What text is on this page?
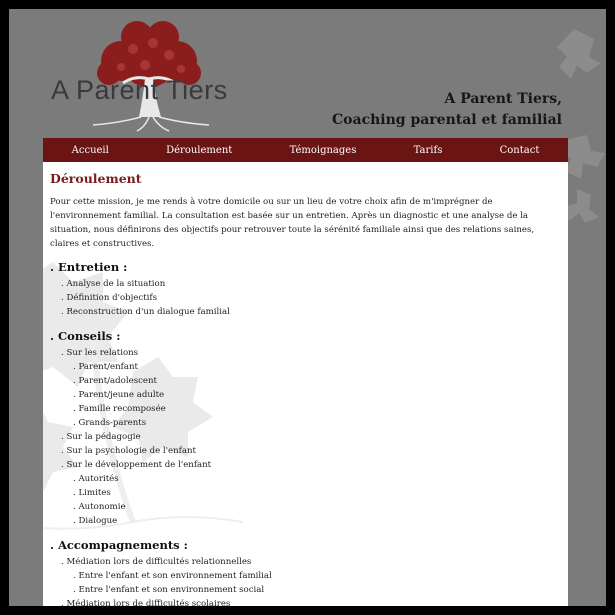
A Parent Tiers	A Parent Tiers,
Coaching parental et familial
Accueil	Déroulement	Témoignages	Tarifs	Contact
Déroulement

Pour cette mission, je me rends à votre domicile ou sur un lieu de votre choix afin de m'imprégner de l'environnement familial. La consultation est basée sur un entretien. Après un diagnostic et une analyse de la situation, nous définirons des objectifs pour retrouver toute la sérénité familiale ainsi que des relations saines, claires et constructives.

. Entretien :
. Analyse de la situation
. Définition d'objectifs
. Reconstruction d'un dialogue familial
. Conseils :
. Sur les relations
. Parent/enfant
. Parent/adolescent
. Parent/jeune adulte
. Famille recomposée
. Grands-parents
. Sur la pédagogie
. Sur la psychologie de l'enfant
. Sur le développement de l'enfant
. Autorités
. Limites
. Autonomie
. Dialogue
. Accompagnements :
. Médiation lors de difficultés relationnelles
. Entre l'enfant et son environnement familial
. Entre l'enfant et son environnement social
. Médiation lors de difficultés scolaires
